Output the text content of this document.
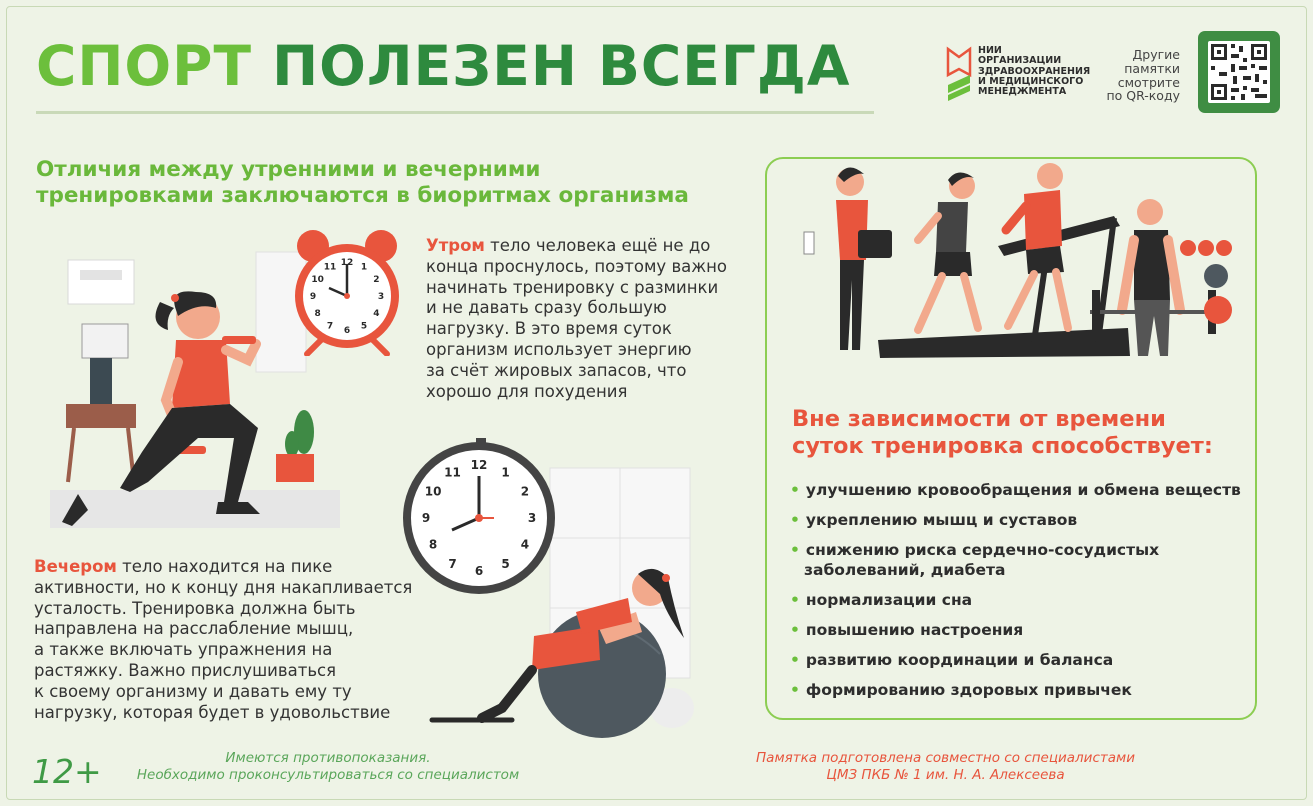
СПОРТ ПОЛЕЗЕН ВСЕГДА	НИИ
ОРГАНИЗАЦИИ
ЗДРАВООХРАНЕНИЯ
И МЕДИЦИНСКОГО
МЕНЕДЖМЕНТА
Другие
памятки
смотрите
по QR-коду
Отличия между утренними и вечерними
тренировками заключаются в биоритмах организма
12 1
2
3
4
5
6
7
8
9
10
11
Утром тело человека ещё не до
конца проснулось, поэтому важно
начинать тренировку с разминки
и не давать сразу большую
нагрузку. В это время суток
организм использует энергию
за счёт жировых запасов, что
хорошо для похудения
12
1
2
3
4
5
6
7
8
9
10
11
Вечером тело находится на пике
активности, но к концу дня накапливается
усталость. Тренировка должна быть
направлена на расслабление мышц,
а также включать упражнения на
растяжку. Важно прислушиваться
к своему организму и давать ему ту
нагрузку, которая будет в удовольствие
Вне зависимости от времени
суток тренировка способствует:
• улучшению кровообращения и обмена веществ
• укреплению мышц и суставов
• снижению риска сердечно-сосудистых
заболеваний, диабета
• нормализации сна
• повышению настроения
• развитию координации и баланса
• формированию здоровых привычек
12+	Имеются противопоказания.
Необходимо проконсультироваться со специалистом
Памятка подготовлена совместно со специалистами
ЦМЗ ПКБ № 1 им. Н. А. Алексеева
